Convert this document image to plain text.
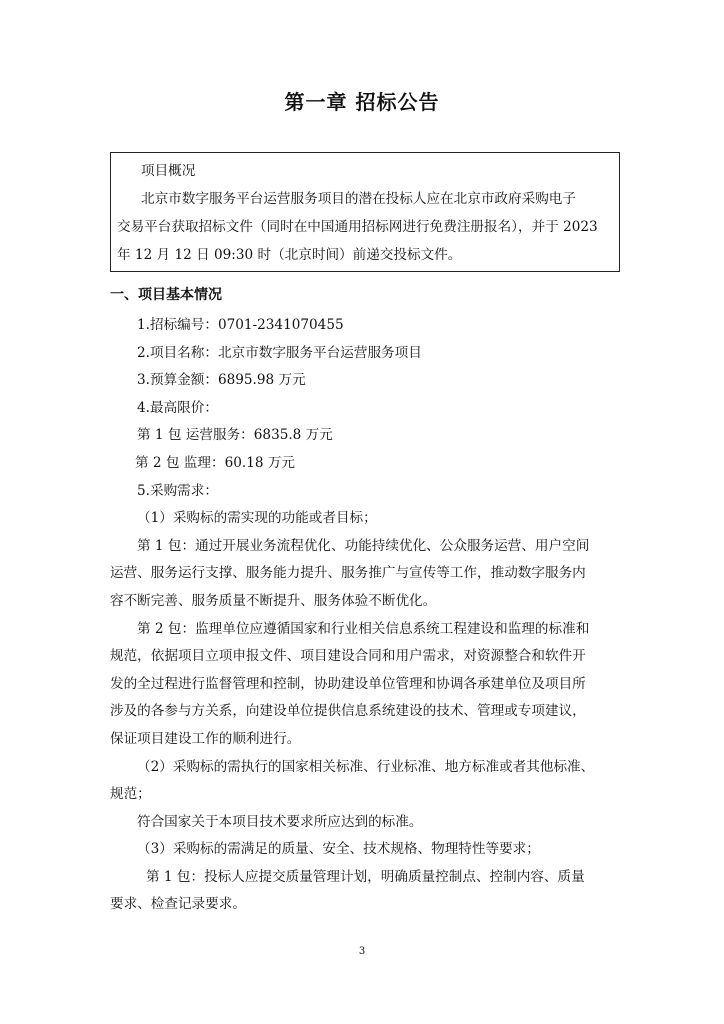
第一章 招标公告

项目概况

北京市数字服务平台运营服务项目的潜在投标人应在北京市政府采购电子

交易平台获取招标文件（同时在中国通用招标网进行免费注册报名），并于 2023

年 12 月 12 日 09:30 时（北京时间）前递交投标文件。

一、项目基本情况

1.招标编号：0701-2341070455

2.项目名称：北京市数字服务平台运营服务项目

3.预算金额：6895.98 万元

4.最高限价：

第 1 包 运营服务：6835.8 万元

第 2 包 监理：60.18 万元

5.采购需求：

（1）采购标的需实现的功能或者目标；

第 1 包：通过开展业务流程优化、功能持续优化、公众服务运营、用户空间

运营、服务运行支撑、服务能力提升、服务推广与宣传等工作，推动数字服务内

容不断完善、服务质量不断提升、服务体验不断优化。

第 2 包：监理单位应遵循国家和行业相关信息系统工程建设和监理的标准和

规范，依据项目立项申报文件、项目建设合同和用户需求，对资源整合和软件开

发的全过程进行监督管理和控制，协助建设单位管理和协调各承建单位及项目所

涉及的各参与方关系，向建设单位提供信息系统建设的技术、管理或专项建议，

保证项目建设工作的顺利进行。

（2）采购标的需执行的国家相关标准、行业标准、地方标准或者其他标准、

规范；

符合国家关于本项目技术要求所应达到的标准。

（3）采购标的需满足的质量、安全、技术规格、物理特性等要求；

第 1 包：投标人应提交质量管理计划，明确质量控制点、控制内容、质量

要求、检查记录要求。

3
